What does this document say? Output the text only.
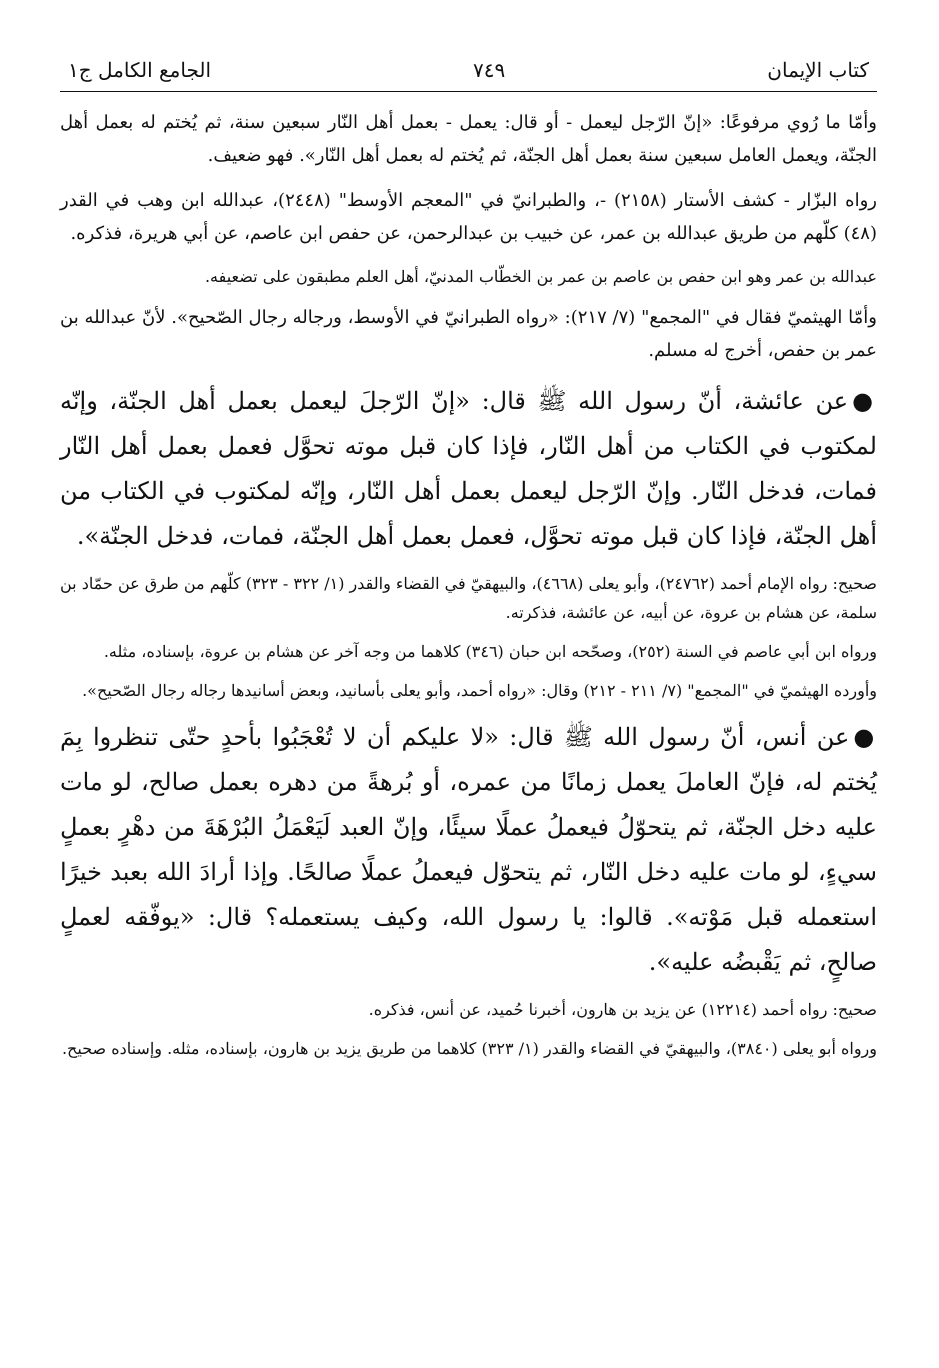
كتاب الإيمان
٧٤٩
الجامع الكامل ج١

وأمّا ما رُوي مرفوعًا: «إنّ الرّجل ليعمل - أو قال: يعمل - بعمل أهل النّار سبعين سنة، ثم يُختم له بعمل أهل الجنّة، ويعمل العامل سبعين سنة بعمل أهل الجنّة، ثم يُختم له بعمل أهل النّار». فهو ضعيف.

رواه البزّار - كشف الأستار (٢١٥٨) -، والطبرانيّ في "المعجم الأوسط" (٢٤٤٨)، عبدالله ابن وهب في القدر (٤٨) كلّهم من طريق عبدالله بن عمر، عن خبيب بن عبدالرحمن، عن حفص ابن عاصم، عن أبي هريرة، فذكره.

عبدالله بن عمر وهو ابن حفص بن عاصم بن عمر بن الخطّاب المدنيّ، أهل العلم مطبقون على تضعيفه.

وأمّا الهيثميّ فقال في "المجمع" (٧/ ٢١٧): «رواه الطبرانيّ في الأوسط، ورجاله رجال الصّحيح». لأنّ عبدالله بن عمر بن حفص، أخرج له مسلم.

●عن عائشة، أنّ رسول الله ﷺ قال: «إنّ الرّجلَ ليعمل بعمل أهل الجنّة، وإنّه لمكتوب في الكتاب من أهل النّار، فإذا كان قبل موته تحوَّل فعمل بعمل أهل النّار فمات، فدخل النّار. وإنّ الرّجل ليعمل بعمل أهل النّار، وإنّه لمكتوب في الكتاب من أهل الجنّة، فإذا كان قبل موته تحوَّل، فعمل بعمل أهل الجنّة، فمات، فدخل الجنّة».

صحيح: رواه الإمام أحمد (٢٤٧٦٢)، وأبو يعلى (٤٦٦٨)، والبيهقيّ في القضاء والقدر (١/ ٣٢٢ - ٣٢٣) كلّهم من طرق عن حمّاد بن سلمة، عن هشام بن عروة، عن أبيه، عن عائشة، فذكرته.

ورواه ابن أبي عاصم في السنة (٢٥٢)، وصحّحه ابن حبان (٣٤٦) كلاهما من وجه آخر عن هشام بن عروة، بإسناده، مثله.

وأورده الهيثميّ في "المجمع" (٧/ ٢١١ - ٢١٢) وقال: «رواه أحمد، وأبو يعلى بأسانيد، وبعض أسانيدها رجاله رجال الصّحيح».

●عن أنس، أنّ رسول الله ﷺ قال: «لا عليكم أن لا تُعْجَبُوا بأحدٍ حتّى تنظروا بِمَ يُختم له، فإنّ العاملَ يعمل زمانًا من عمره، أو بُرهةً من دهره بعمل صالح، لو مات عليه دخل الجنّة، ثم يتحوّلُ فيعملُ عملًا سيئًا، وإنّ العبد لَيَعْمَلُ البُرْهَةَ من دهْرٍ بعملٍ سيءٍ، لو مات عليه دخل النّار، ثم يتحوّل فيعملُ عملًا صالحًا. وإذا أرادَ الله بعبد خيرًا استعمله قبل مَوْته». قالوا: يا رسول الله، وكيف يستعمله؟ قال: «يوفّقه لعملٍ صالحٍ، ثم يَقْبضُه عليه».

صحيح: رواه أحمد (١٢٢١٤) عن يزيد بن هارون، أخبرنا حُميد، عن أنس، فذكره.

ورواه أبو يعلى (٣٨٤٠)، والبيهقيّ في القضاء والقدر (١/ ٣٢٣) كلاهما من طريق يزيد بن هارون، بإسناده، مثله. وإسناده صحيح.
